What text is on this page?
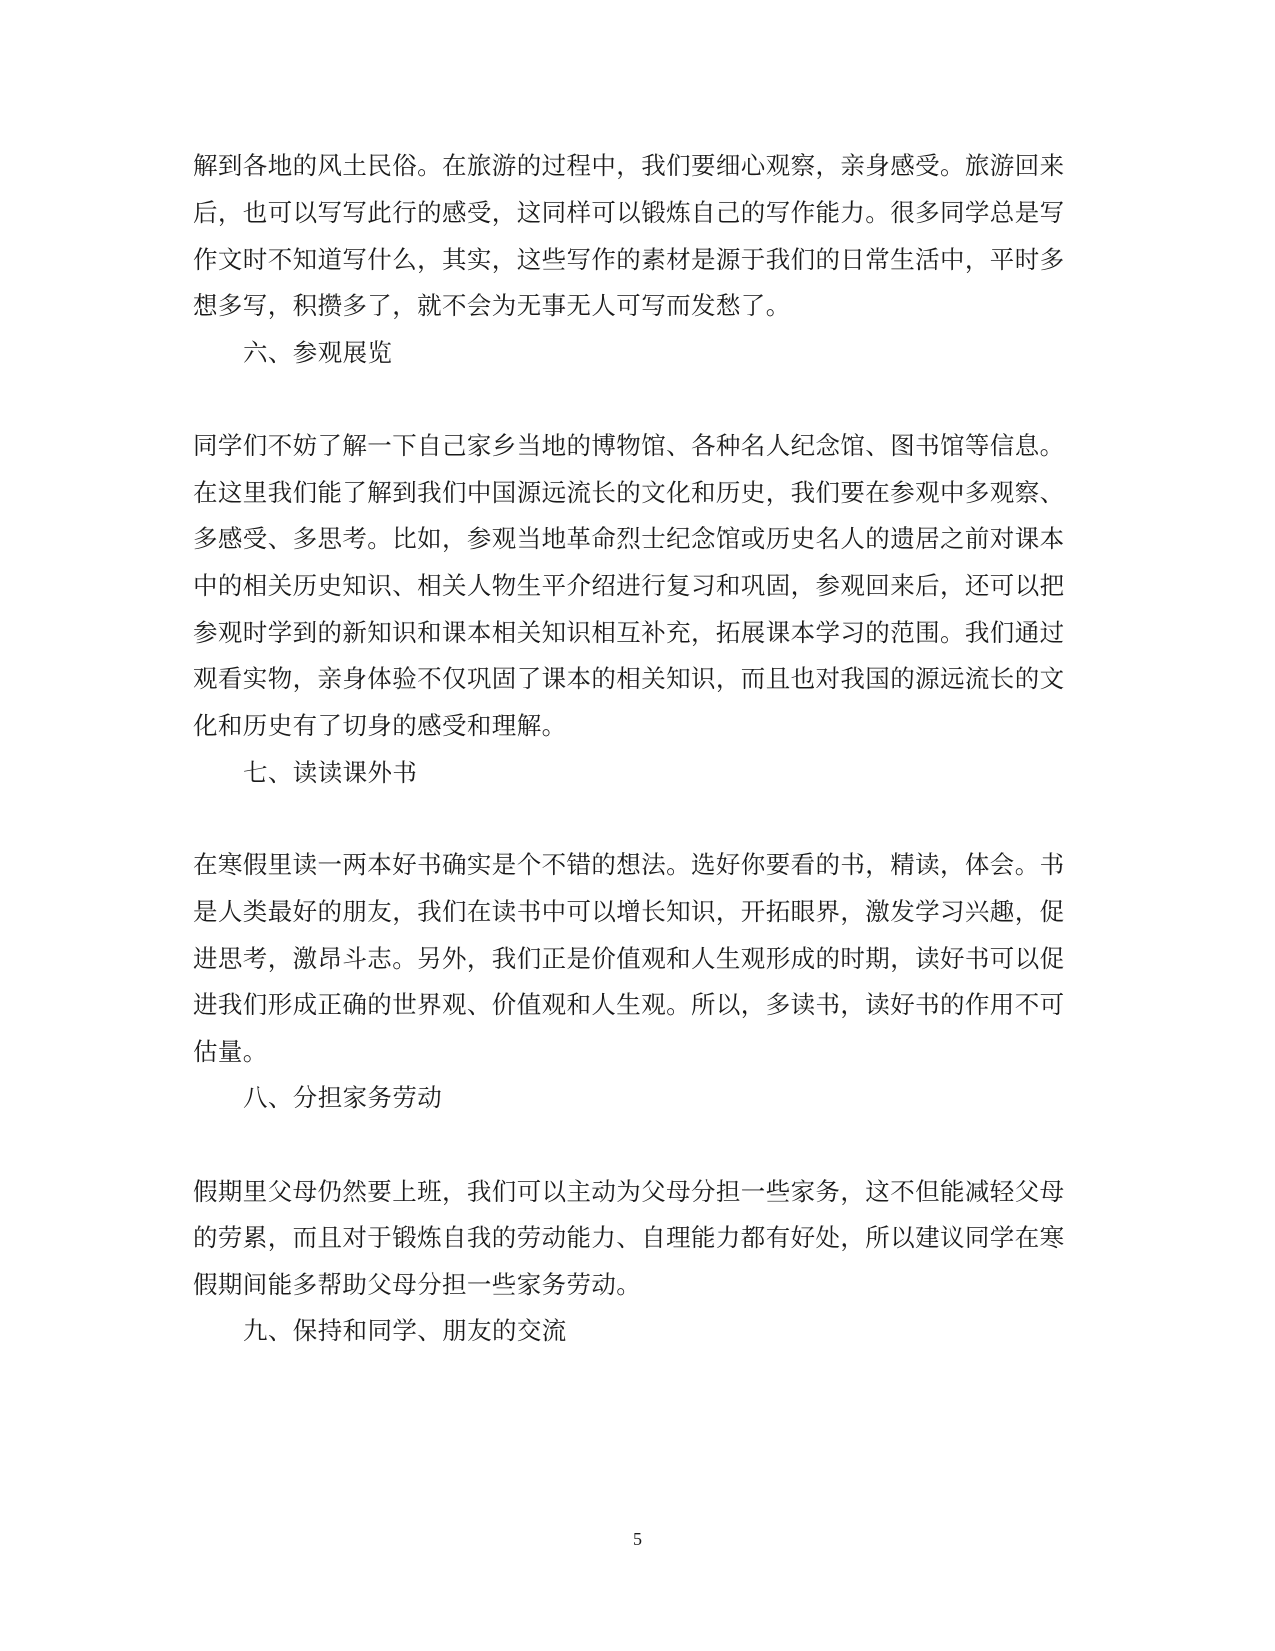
解到各地的风土民俗。在旅游的过程中，我们要细心观察，亲身感受。旅游回来
后，也可以写写此行的感受，这同样可以锻炼自己的写作能力。很多同学总是写
作文时不知道写什么，其实，这些写作的素材是源于我们的日常生活中，平时多
想多写，积攒多了，就不会为无事无人可写而发愁了。
六、参观展览
同学们不妨了解一下自己家乡当地的博物馆、各种名人纪念馆、图书馆等信息。
在这里我们能了解到我们中国源远流长的文化和历史，我们要在参观中多观察、
多感受、多思考。比如，参观当地革命烈士纪念馆或历史名人的遗居之前对课本
中的相关历史知识、相关人物生平介绍进行复习和巩固，参观回来后，还可以把
参观时学到的新知识和课本相关知识相互补充，拓展课本学习的范围。我们通过
观看实物，亲身体验不仅巩固了课本的相关知识，而且也对我国的源远流长的文
化和历史有了切身的感受和理解。
七、读读课外书
在寒假里读一两本好书确实是个不错的想法。选好你要看的书，精读，体会。书
是人类最好的朋友，我们在读书中可以增长知识，开拓眼界，激发学习兴趣，促
进思考，激昂斗志。另外，我们正是价值观和人生观形成的时期，读好书可以促
进我们形成正确的世界观、价值观和人生观。所以，多读书，读好书的作用不可
估量。
八、分担家务劳动
假期里父母仍然要上班，我们可以主动为父母分担一些家务，这不但能减轻父母
的劳累，而且对于锻炼自我的劳动能力、自理能力都有好处，所以建议同学在寒
假期间能多帮助父母分担一些家务劳动。
九、保持和同学、朋友的交流
5
